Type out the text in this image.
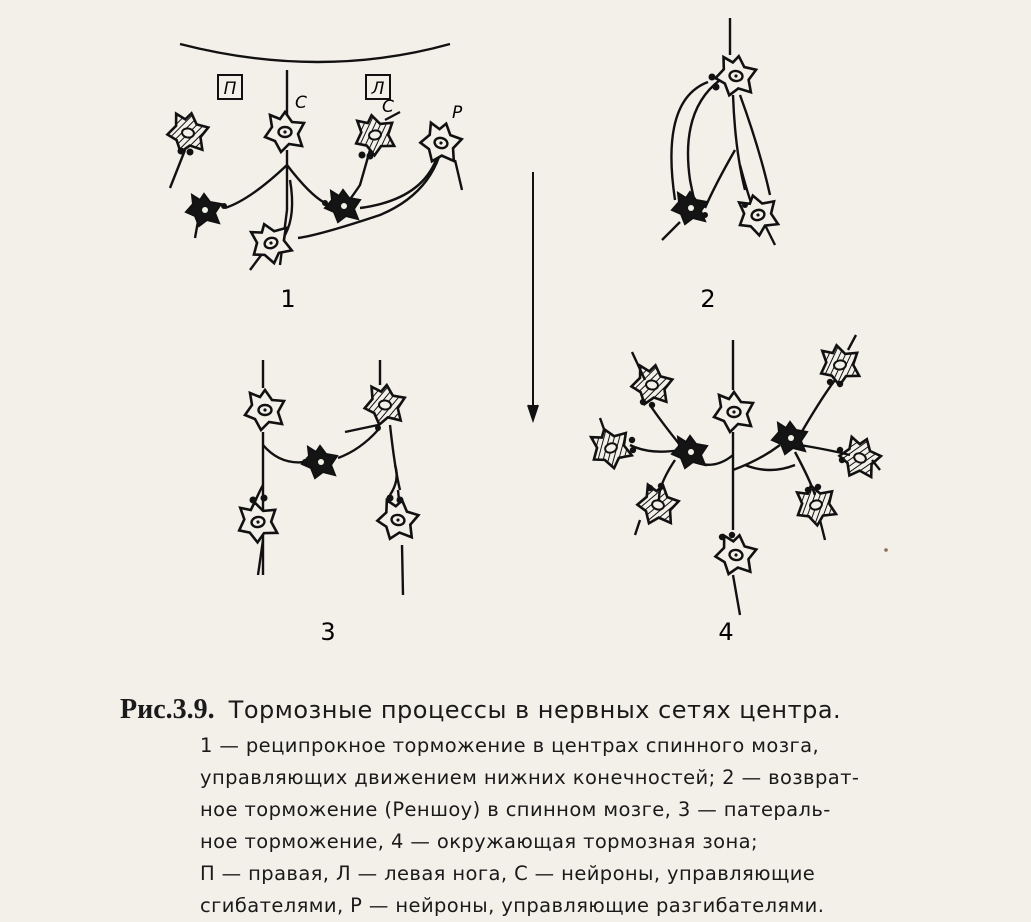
П	Л
С	С	Р
1	2
3	4
Рис.3.9. Тормозные процессы в нервных сетях центра.
1 — реципрокное торможение в центрах спинного мозга,
управляющих движением нижних конечностей; 2 — возврат-
ное торможение (Реншоу) в спинном мозге, 3 — патераль-
ное торможение, 4 — окружающая тормозная зона;
П — правая, Л — левая нога, С — нейроны, управляющие
сгибателями, Р — нейроны, управляющие разгибателями.
